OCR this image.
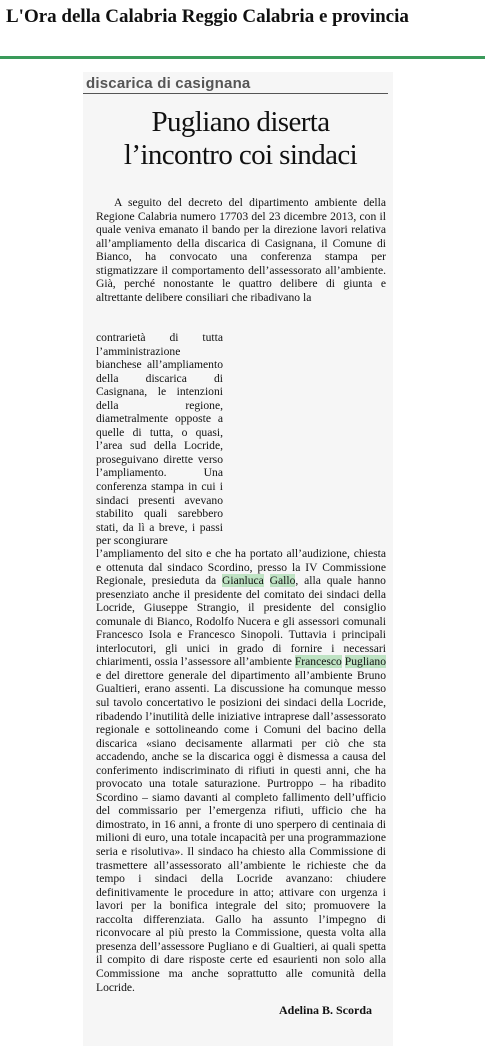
L'Ora della Calabria Reggio Calabria e provincia
discarica di casignana
Pugliano diserta
l’incontro coi sindaci

A seguito del decreto del dipartimento ambiente della Regione Calabria numero 17703 del 23 dicembre 2013, con il quale veniva emanato il bando per la direzione lavori relativa all’ampliamento della discarica di Casignana, il Comune di Bianco, ha convocato una conferenza stampa per stigmatizzare il comportamento dell’assessorato all’ambiente. Già, perché nonostante le quattro delibere di giunta e altrettante delibere consiliari che ribadivano la

contrarietà di tutta l’amministrazione bianchese all’ampliamento della discarica di Casignana, le intenzioni della regione, diametralmente opposte a quelle di tutta, o quasi, l’area sud della Locride, proseguivano dirette verso l’ampliamento. Una conferenza stampa in cui i sindaci presenti avevano stabilito quali sarebbero stati, da lì a breve, i passi per scongiurare
l’ampliamento del sito e che ha portato all’audizione, chiesta e ottenuta dal sindaco Scordino, presso la IV Commissione Regionale, presieduta da Gianluca Gallo, alla quale hanno presenziato anche il presidente del comitato dei sindaci della Locride, Giuseppe Strangio, il presidente del consiglio comunale di Bianco, Rodolfo Nucera e gli assessori comunali Francesco Isola e Francesco Sinopoli. Tuttavia i principali interlocutori, gli unici in grado di fornire i necessari chiarimenti, ossia l’assessore all’ambiente Francesco Pugliano e del direttore generale del dipartimento all’ambiente Bruno Gualtieri, erano assenti. La discussione ha comunque messo sul tavolo concertativo le posizioni dei sindaci della Locride, ribadendo l’inutilità delle iniziative intraprese dall’assessorato regionale e sottolineando come i Comuni del bacino della discarica «siano decisamente allarmati per ciò che sta accadendo, anche se la discarica oggi è dismessa a causa del conferimento indiscriminato di rifiuti in questi anni, che ha provocato una totale saturazione. Purtroppo – ha ribadito Scordino – siamo davanti al completo fallimento dell’ufficio del commissario per l’emergenza rifiuti, ufficio che ha dimostrato, in 16 anni, a fronte di uno sperpero di centinaia di milioni di euro, una totale incapacità per una programmazione seria e risolutiva». Il sindaco ha chiesto alla Commissione di trasmettere all’assessorato all’ambiente le richieste che da tempo i sindaci della Locride avanzano: chiudere definitivamente le procedure in atto; attivare con urgenza i lavori per la bonifica integrale del sito; promuovere la raccolta differenziata. Gallo ha assunto l’impegno di riconvocare al più presto la Commissione, questa volta alla presenza dell’assessore Pugliano e di Gualtieri, ai quali spetta il compito di dare risposte certe ed esaurienti non solo alla Commissione ma anche soprattutto alle comunità della Locride.
Adelina B. Scorda
